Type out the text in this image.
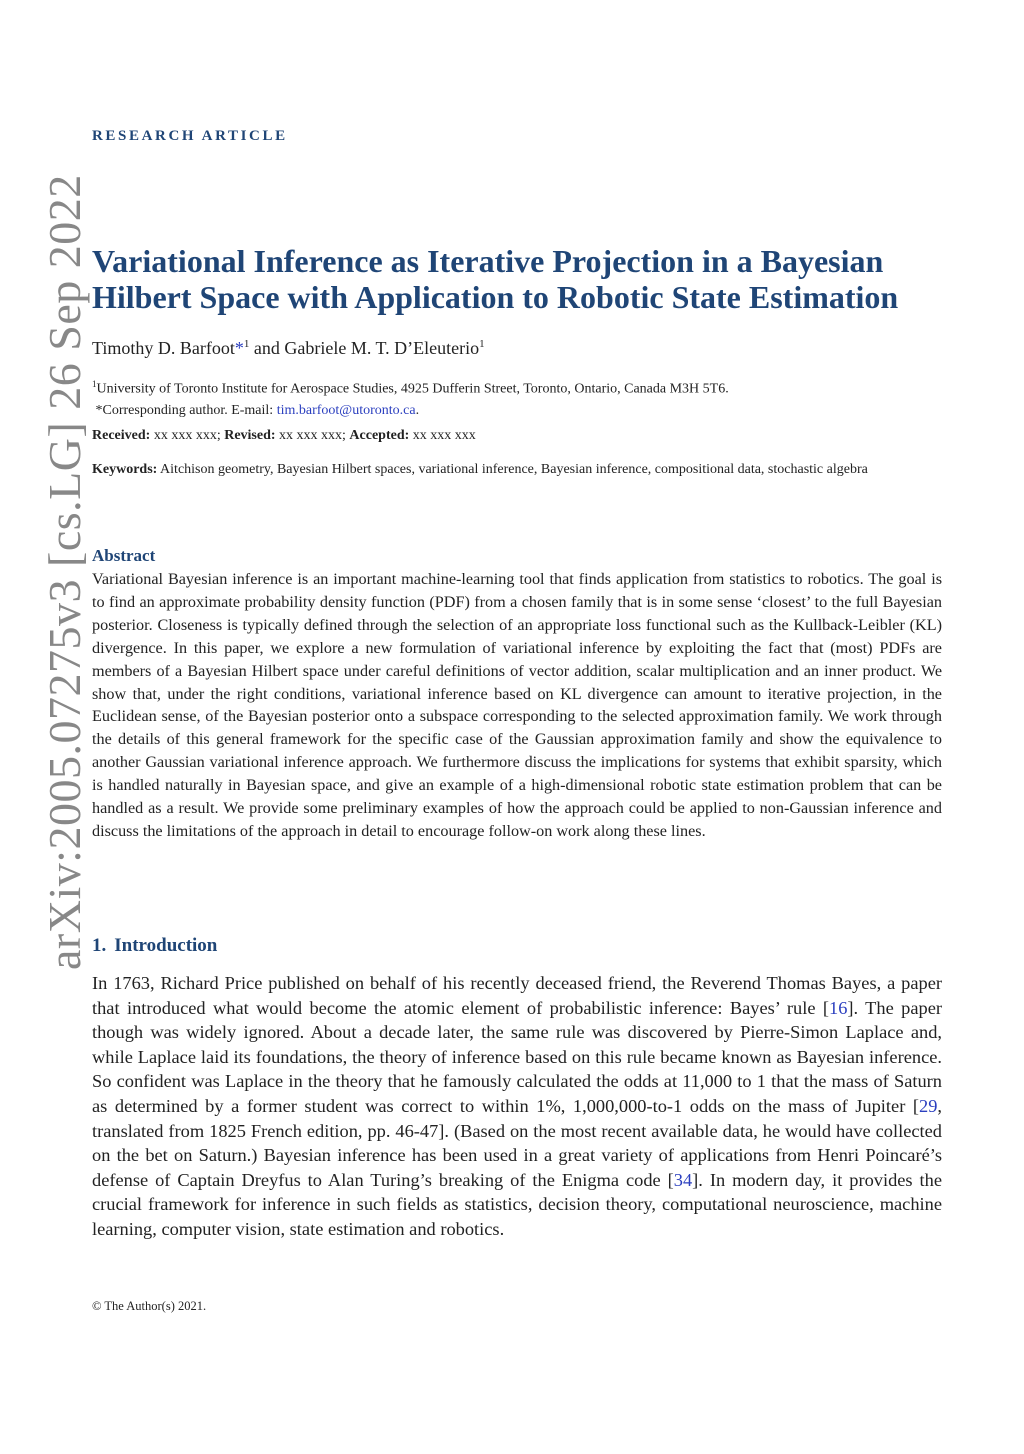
arXiv:2005.07275v3 [cs.LG] 26 Sep 2022
RESEARCH ARTICLE
Variational Inference as Iterative Projection in a Bayesian Hilbert Space with Application to Robotic State Estimation
Timothy D. Barfoot*$^1$ and Gabriele M. T. D’Eleuterio$^1$
$^1$University of Toronto Institute for Aerospace Studies, 4925 Dufferin Street, Toronto, Ontario, Canada M3H 5T6.
*Corresponding author. E-mail: tim.barfoot@utoronto.ca.
Received: xx xxx xxx; Revised: xx xxx xxx; Accepted: xx xxx xxx
Keywords: Aitchison geometry, Bayesian Hilbert spaces, variational inference, Bayesian inference, compositional data, stochastic algebra
Abstract

Variational Bayesian inference is an important machine-learning tool that finds application from statistics to robotics. The goal is to find an approximate probability density function (PDF) from a chosen family that is in some sense ‘closest’ to the full Bayesian posterior. Closeness is typically defined through the selection of an appropriate loss functional such as the Kullback-Leibler (KL) divergence. In this paper, we explore a new formulation of variational inference by exploiting the fact that (most) PDFs are members of a Bayesian Hilbert space under careful definitions of vector addition, scalar multiplication and an inner product. We show that, under the right conditions, variational inference based on KL divergence can amount to iterative projection, in the Euclidean sense, of the Bayesian posterior onto a subspace corresponding to the selected approximation family. We work through the details of this general framework for the specific case of the Gaussian approximation family and show the equivalence to another Gaussian variational inference approach. We furthermore discuss the implications for systems that exhibit sparsity, which is handled naturally in Bayesian space, and give an example of a high-dimensional robotic state estimation problem that can be handled as a result. We provide some preliminary examples of how the approach could be applied to non-Gaussian inference and discuss the limitations of the approach in detail to encourage follow-on work along these lines.

1. Introduction

In 1763, Richard Price published on behalf of his recently deceased friend, the Reverend Thomas Bayes, a paper that introduced what would become the atomic element of probabilistic inference: Bayes’ rule [16]. The paper though was widely ignored. About a decade later, the same rule was discovered by Pierre-Simon Laplace and, while Laplace laid its foundations, the theory of inference based on this rule became known as Bayesian inference. So confident was Laplace in the theory that he famously calculated the odds at 11,000 to 1 that the mass of Saturn as determined by a former student was correct to within 1%, 1,000,000-to-1 odds on the mass of Jupiter [29, translated from 1825 French edition, pp. 46-47]. (Based on the most recent available data, he would have collected on the bet on Saturn.) Bayesian inference has been used in a great variety of applications from Henri Poincaré’s defense of Captain Dreyfus to Alan Turing’s breaking of the Enigma code [34]. In modern day, it provides the crucial framework for inference in such fields as statistics, decision theory, computational neuroscience, machine learning, computer vision, state estimation and robotics.

© The Author(s) 2021.
